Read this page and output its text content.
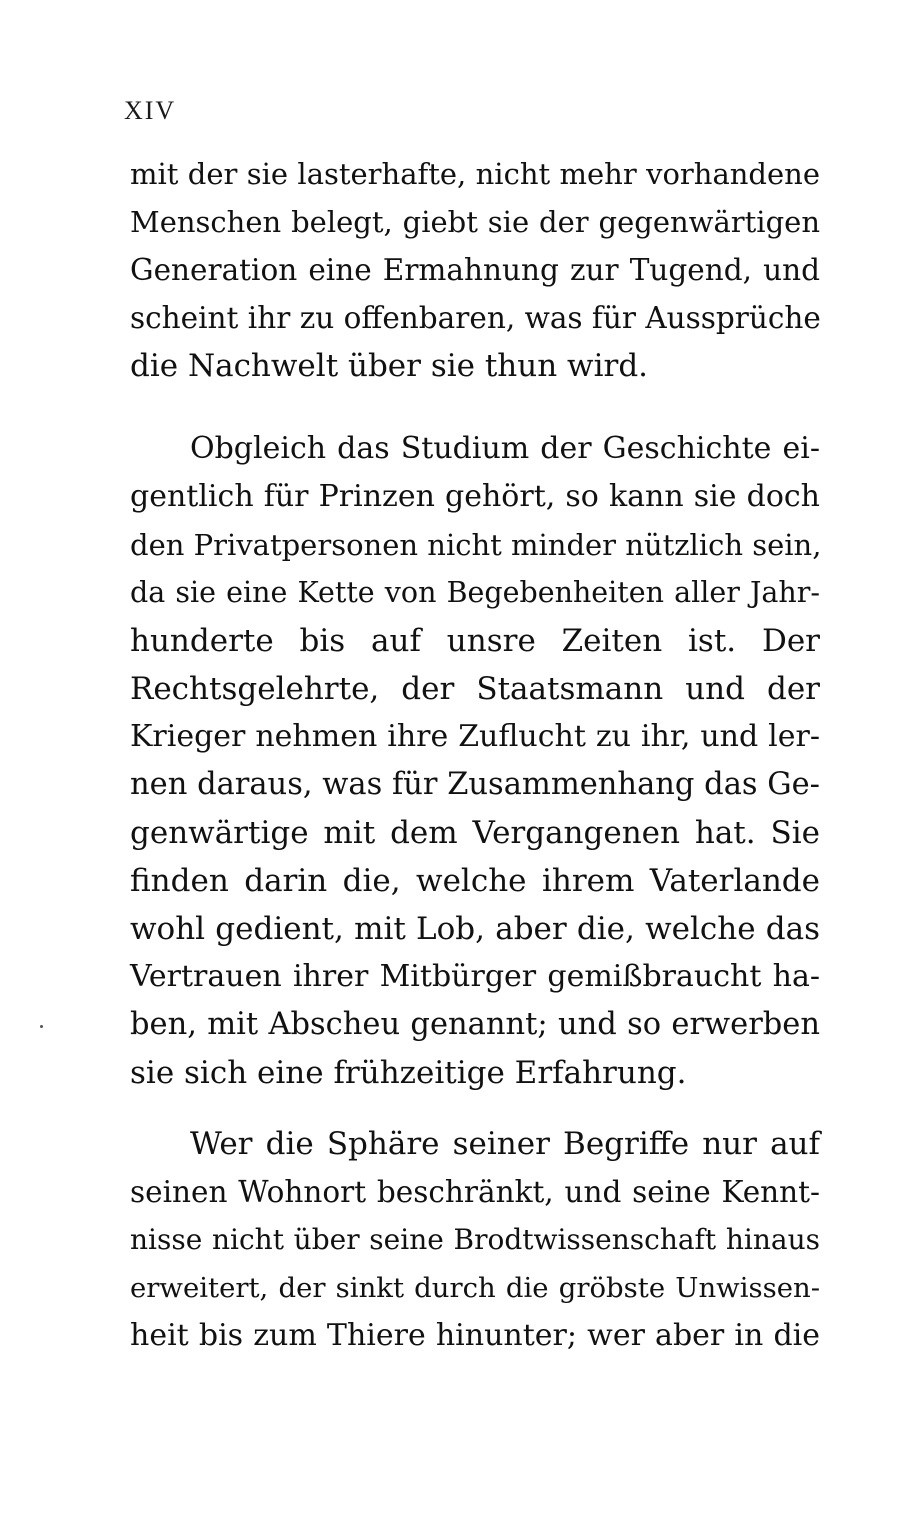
XIV
mit der sie lasterhafte, nicht mehr vorhandene
Menschen belegt, giebt sie der gegenwärtigen
Generation eine Ermahnung zur Tugend, und
scheint ihr zu offenbaren, was für Aussprüche
die Nachwelt über sie thun wird.
Obgleich das Studium der Geschichte ei-
gentlich für Prinzen gehört, so kann sie doch
den Privatpersonen nicht minder nützlich sein,
da sie eine Kette von Begebenheiten aller Jahr-
hunderte bis auf unsre Zeiten ist. Der
Rechtsgelehrte, der Staatsmann und der
Krieger nehmen ihre Zuflucht zu ihr, und ler-
nen daraus, was für Zusammenhang das Ge-
genwärtige mit dem Vergangenen hat. Sie
finden darin die, welche ihrem Vaterlande
wohl gedient, mit Lob, aber die, welche das
Vertrauen ihrer Mitbürger gemißbraucht ha-
ben, mit Abscheu genannt; und so erwerben
sie sich eine frühzeitige Erfahrung.
Wer die Sphäre seiner Begriffe nur auf
seinen Wohnort beschränkt, und seine Kennt-
nisse nicht über seine Brodtwissenschaft hinaus
erweitert, der sinkt durch die gröbste Unwissen-
heit bis zum Thiere hinunter; wer aber in die
